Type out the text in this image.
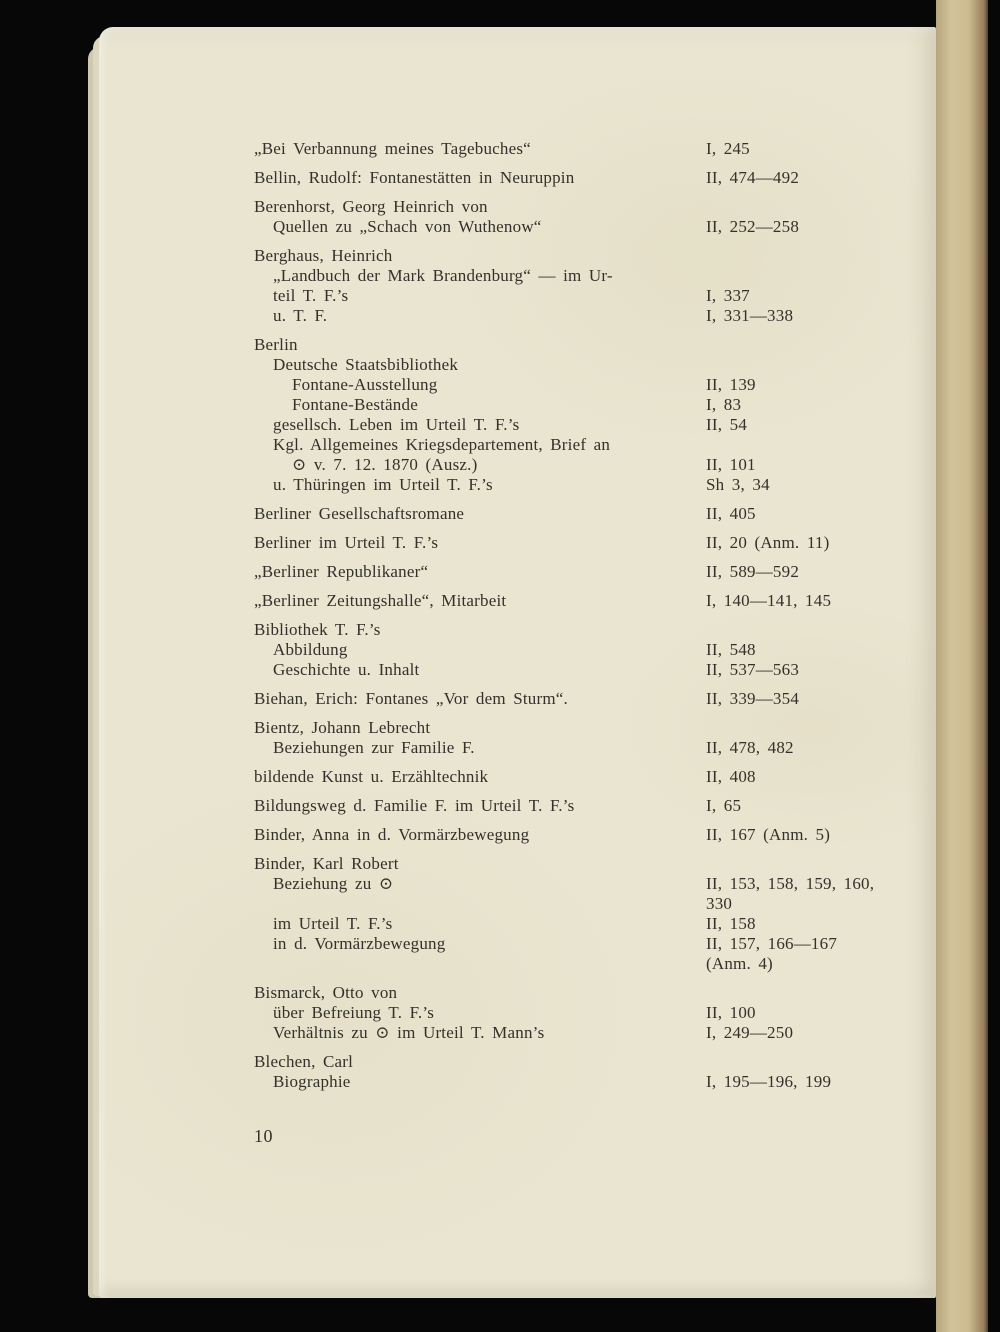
„Bei Verbannung meines Tagebuches“	I, 245
Bellin, Rudolf: Fontanestätten in Neuruppin	II, 474—492
Berenhorst, Georg Heinrich von
Quellen zu „Schach von Wuthenow“	II, 252—258
Berghaus, Heinrich
„Landbuch der Mark Brandenburg“ — im Ur-
teil T. F.’s	I, 337
u. T. F.	I, 331—338
Berlin
Deutsche Staatsbibliothek
Fontane-Ausstellung	II, 139
Fontane-Bestände	I, 83
gesellsch. Leben im Urteil T. F.’s	II, 54
Kgl. Allgemeines Kriegsdepartement, Brief an
⊙ v. 7. 12. 1870 (Ausz.)	II, 101
u. Thüringen im Urteil T. F.’s	Sh 3, 34
Berliner Gesellschaftsromane	II, 405
Berliner im Urteil T. F.’s	II, 20 (Anm. 11)
„Berliner Republikaner“	II, 589—592
„Berliner Zeitungshalle“, Mitarbeit	I, 140—141, 145
Bibliothek T. F.’s
Abbildung	II, 548
Geschichte u. Inhalt	II, 537—563
Biehan, Erich: Fontanes „Vor dem Sturm“.	II, 339—354
Bientz, Johann Lebrecht
Beziehungen zur Familie F.	II, 478, 482
bildende Kunst u. Erzähltechnik	II, 408
Bildungsweg d. Familie F. im Urteil T. F.’s	I, 65
Binder, Anna in d. Vormärzbewegung	II, 167 (Anm. 5)
Binder, Karl Robert
Beziehung zu ⊙	II, 153, 158, 159, 160,
330
im Urteil T. F.’s	II, 158
in d. Vormärzbewegung	II, 157, 166—167
(Anm. 4)
Bismarck, Otto von
über Befreiung T. F.’s	II, 100
Verhältnis zu ⊙ im Urteil T. Mann’s	I, 249—250
Blechen, Carl
Biographie	I, 195—196, 199
10
